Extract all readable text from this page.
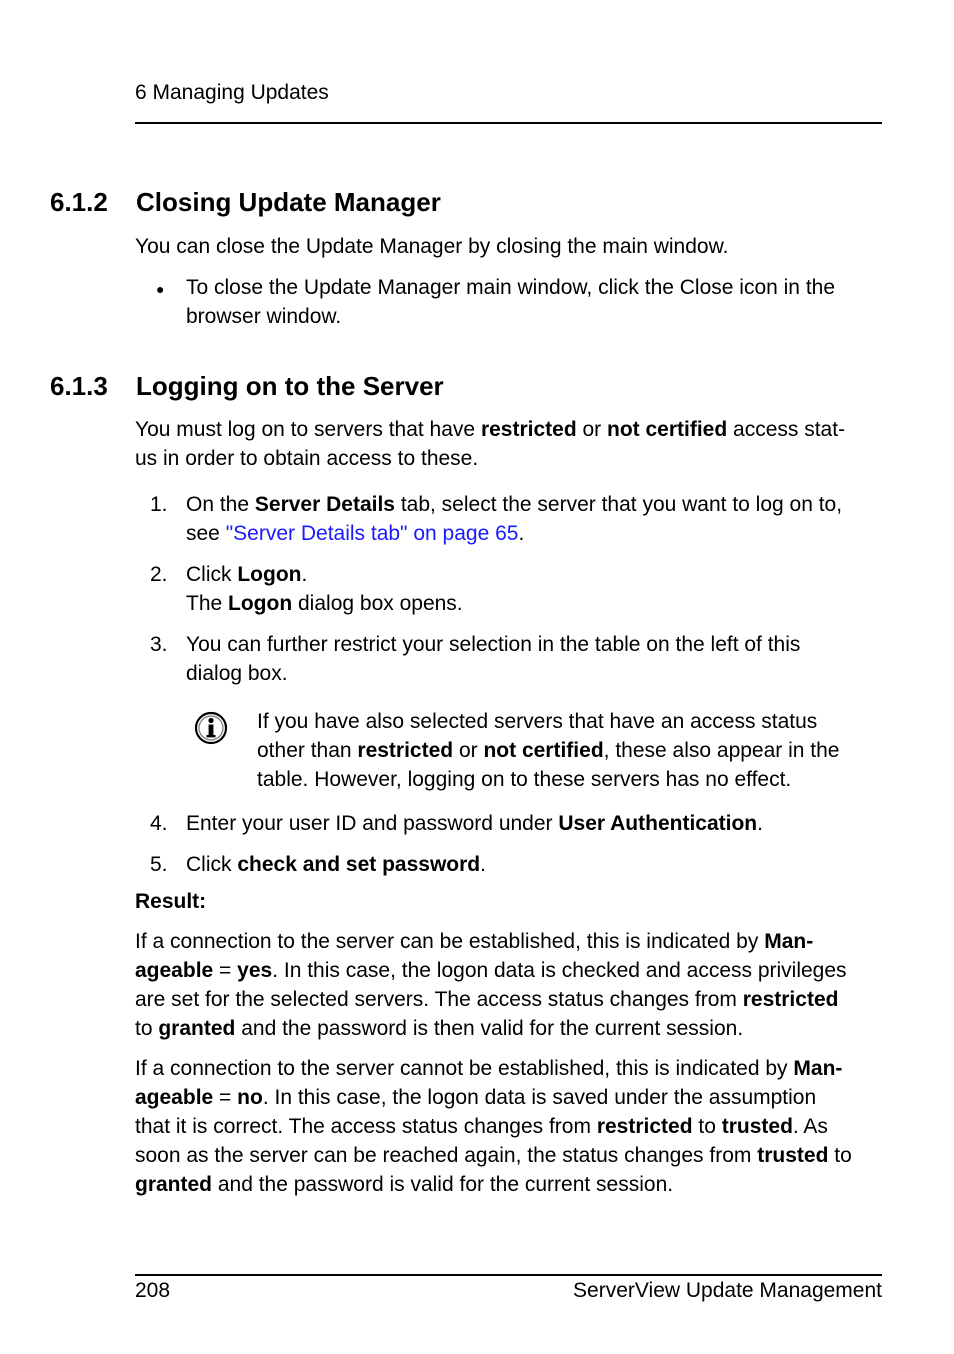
6 Managing Updates
6.1.2 Closing Update Manager
You can close the Update Manager by closing the main window.
● To close the Update Manager main window, click the Close icon in the
browser window.
6.1.3 Logging on to the Server
You must log on to servers that have restricted or not certified access stat-
us in order to obtain access to these.
1. On the Server Details tab, select the server that you want to log on to,
see "Server Details tab" on page 65.
2. Click Logon.
The Logon dialog box opens.
3. You can further restrict your selection in the table on the left of this
dialog box.
If you have also selected servers that have an access status
other than restricted or not certified, these also appear in the
table. However, logging on to these servers has no effect.
4. Enter your user ID and password under User Authentication.
5. Click check and set password.
Result:
If a connection to the server can be established, this is indicated by Man-
ageable = yes. In this case, the logon data is checked and access privileges
are set for the selected servers. The access status changes from restricted
to granted and the password is then valid for the current session.
If a connection to the server cannot be established, this is indicated by Man-
ageable = no. In this case, the logon data is saved under the assumption
that it is correct. The access status changes from restricted to trusted. As
soon as the server can be reached again, the status changes from trusted to
granted and the password is valid for the current session.
208	ServerView Update Management
